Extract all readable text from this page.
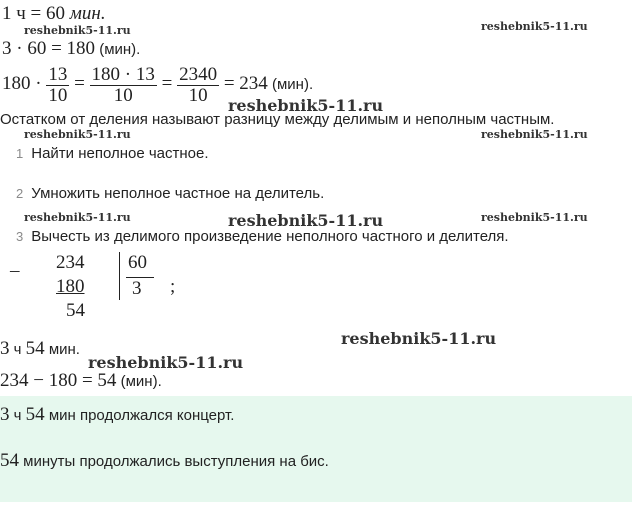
1 ч = 60 мин.
3 · 60 = 180 (мин).
$180 \cdot \frac{13}{10} = \frac{180 \cdot 13}{10} = \frac{2340}{10} = 234$ (мин).
Остатком от деления называют разницу между делимым и неполным частным.
1 Найти неполное частное.
2 Умножить неполное частное на делитель.
3 Вычесть из делимого произведение неполного частного и делителя.
– 234
180
54
60
3 ;
3 ч 54 мин.
234 − 180 = 54 (мин).
3 ч 54 мин продолжался концерт.
54 минуты продолжались выступления на бис.
reshebnik5-11.ru	reshebnik5-11.ru
reshebnik5-11.ru
reshebnik5-11.ru	reshebnik5-11.ru
reshebnik5-11.ru	reshebnik5-11.ru	reshebnik5-11.ru
reshebnik5-11.ru
reshebnik5-11.ru
